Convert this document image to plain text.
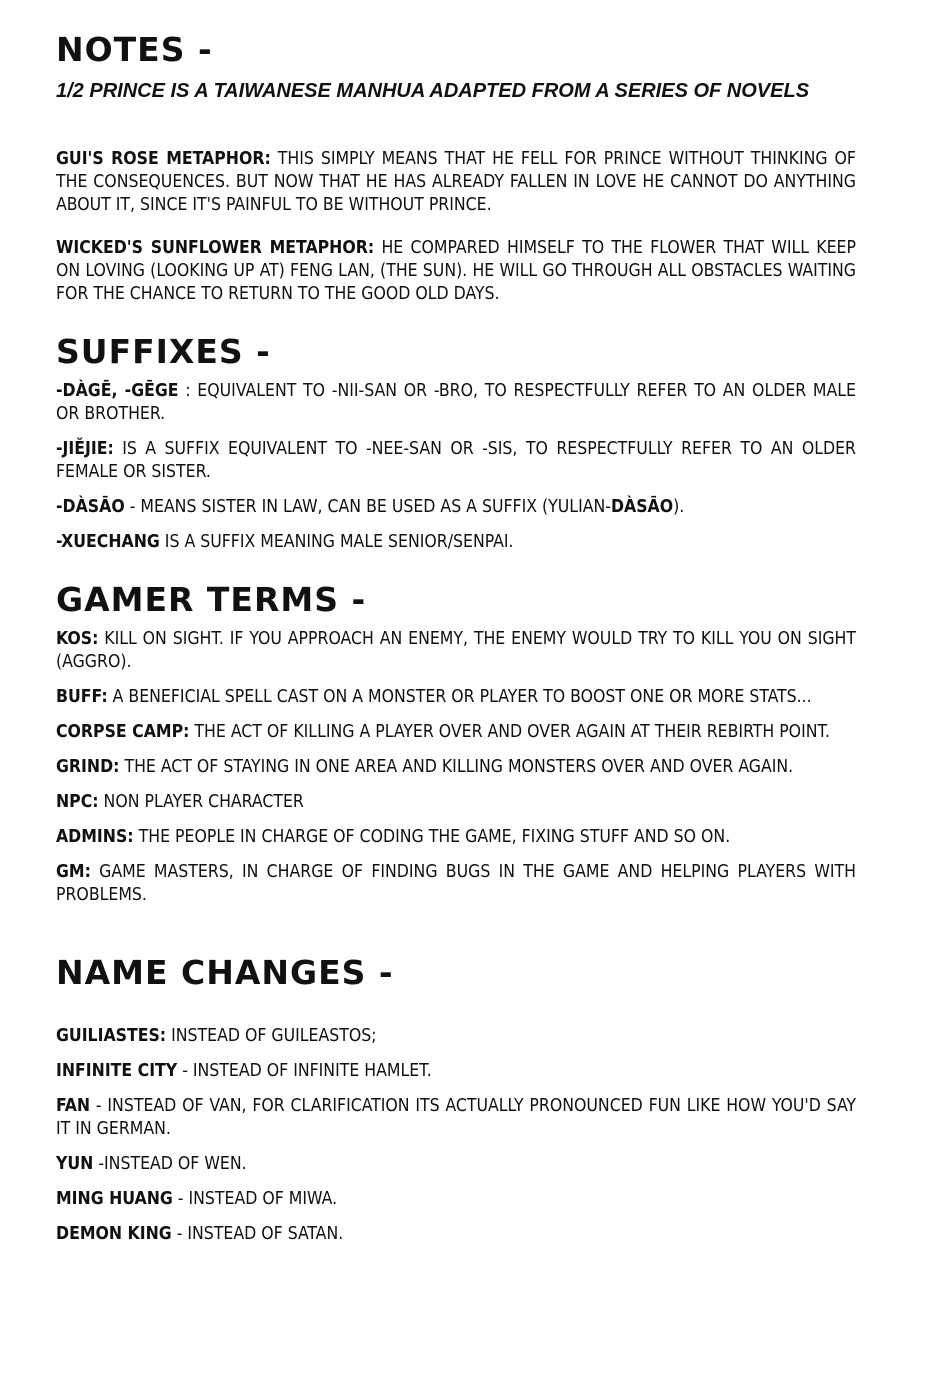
NOTES -

1/2 PRINCE IS A TAIWANESE MANHUA ADAPTED FROM A SERIES OF NOVELS

GUI'S ROSE METAPHOR: THIS SIMPLY MEANS THAT HE FELL FOR PRINCE WITHOUT THINKING OF THE CONSEQUENCES. BUT NOW THAT HE HAS ALREADY FALLEN IN LOVE HE CANNOT DO ANYTHING ABOUT IT, SINCE IT'S PAINFUL TO BE WITHOUT PRINCE.

WICKED'S SUNFLOWER METAPHOR: HE COMPARED HIMSELF TO THE FLOWER THAT WILL KEEP ON LOVING (LOOKING UP AT) FENG LAN, (THE SUN). HE WILL GO THROUGH ALL OBSTACLES WAITING FOR THE CHANCE TO RETURN TO THE GOOD OLD DAYS.

SUFFIXES -

-DÀGĒ, -GĒGE : EQUIVALENT TO -NII-SAN OR -BRO, TO RESPECTFULLY REFER TO AN OLDER MALE OR BROTHER.

-JIĚJIE: IS A SUFFIX EQUIVALENT TO -NEE-SAN OR -SIS, TO RESPECTFULLY REFER TO AN OLDER FEMALE OR SISTER.

-DÀSĀO - MEANS SISTER IN LAW, CAN BE USED AS A SUFFIX (YULIAN-DÀSĀO).

-XUECHANG IS A SUFFIX MEANING MALE SENIOR/SENPAI.

GAMER TERMS -

KOS: KILL ON SIGHT. IF YOU APPROACH AN ENEMY, THE ENEMY WOULD TRY TO KILL YOU ON SIGHT (AGGRO).

BUFF: A BENEFICIAL SPELL CAST ON A MONSTER OR PLAYER TO BOOST ONE OR MORE STATS...

CORPSE CAMP: THE ACT OF KILLING A PLAYER OVER AND OVER AGAIN AT THEIR REBIRTH POINT.

GRIND: THE ACT OF STAYING IN ONE AREA AND KILLING MONSTERS OVER AND OVER AGAIN.

NPC: NON PLAYER CHARACTER

ADMINS: THE PEOPLE IN CHARGE OF CODING THE GAME, FIXING STUFF AND SO ON.

GM: GAME MASTERS, IN CHARGE OF FINDING BUGS IN THE GAME AND HELPING PLAYERS WITH PROBLEMS.

NAME CHANGES -

GUILIASTES: INSTEAD OF GUILEASTOS;

INFINITE CITY - INSTEAD OF INFINITE HAMLET.

FAN - INSTEAD OF VAN, FOR CLARIFICATION ITS ACTUALLY PRONOUNCED FUN LIKE HOW YOU'D SAY IT IN GERMAN.

YUN -INSTEAD OF WEN.

MING HUANG - INSTEAD OF MIWA.

DEMON KING - INSTEAD OF SATAN.
